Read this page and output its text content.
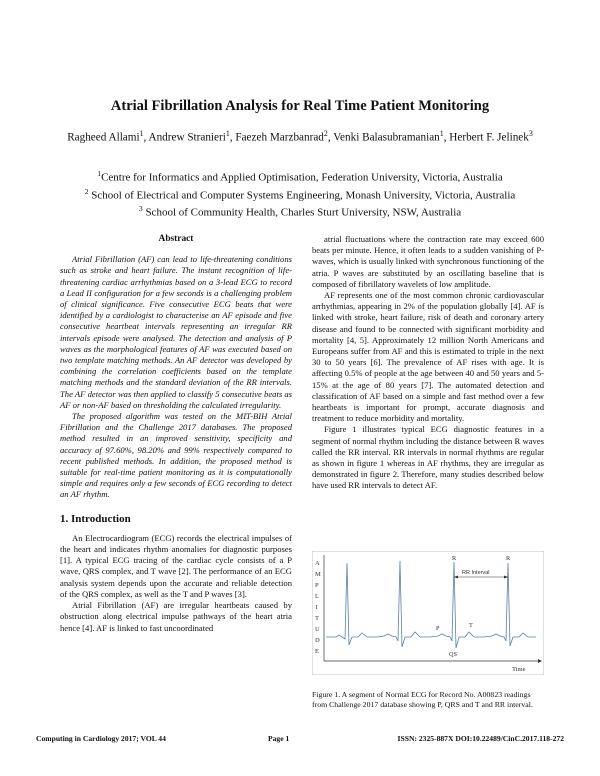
Atrial Fibrillation Analysis for Real Time Patient Monitoring
Ragheed Allami$^1$, Andrew Stranieri$^1$, Faezeh Marzbanrad$^2$, Venki Balasubramanian$^1$, Herbert F. Jelinek$^3$
$^1$Centre for Informatics and Applied Optimisation, Federation University, Victoria, Australia
$^2$ School of Electrical and Computer Systems Engineering, Monash University, Victoria, Australia
$^3$ School of Community Health, Charles Sturt University, NSW, Australia
Abstract

Atrial Fibrillation (AF) can lead to life-threatening conditions such as stroke and heart failure. The instant recognition of life-threatening cardiac arrhythmias based on a 3-lead ECG to record a Lead II configuration for a few seconds is a challenging problem of clinical significance. Five consecutive ECG beats that were identified by a cardiologist to characterise an AF episode and five consecutive heartbeat intervals representing an irregular RR intervals episode were analysed. The detection and analysis of P waves as the morphological features of AF was executed based on two template matching methods. An AF detector was developed by combining the correlation coefficients based on the template matching methods and the standard deviation of the RR intervals. The AF detector was then applied to classify 5 consecutive beats as AF or non-AF based on thresholding the calculated irregularity.

The proposed algorithm was tested on the MIT-BIH Atrial Fibrillation and the Challenge 2017 databases. The proposed method resulted in an improved sensitivity, specificity and accuracy of 97.60%, 98.20% and 99% respectively compared to recent published methods. In addition, the proposed method is suitable for real-time patient monitoring as it is computationally simple and requires only a few seconds of ECG recording to detect an AF rhythm.

1. Introduction

An Electrocardiogram (ECG) records the electrical impulses of the heart and indicates rhythm anomalies for diagnostic purposes [1]. A typical ECG tracing of the cardiac cycle consists of a P wave, QRS complex, and T wave [2]. The performance of an ECG analysis system depends upon the accurate and reliable detection of the QRS complex, as well as the T and P waves [3].

Atrial Fibrillation (AF) are irregular heartbeats caused by obstruction along electrical impulse pathways of the heart atria hence [4]. AF is linked to fast uncoordinated

atrial fluctuations where the contraction rate may exceed 600 beats per minute. Hence, it often leads to a sudden vanishing of P-waves, which is usually linked with synchronous functioning of the atria. P waves are substituted by an oscillating baseline that is composed of fibrillatory wavelets of low amplitude.

AF represents one of the most common chronic cardiovascular arrhythmias, appearing in 2% of the population globally [4]. AF is linked with stroke, heart failure, risk of death and coronary artery disease and found to be connected with significant morbidity and mortality [4, 5]. Approximately 12 million North Americans and Europeans suffer from AF and this is estimated to triple in the next 30 to 50 years [6]. The prevalence of AF rises with age. It is affecting 0.5% of people at the age between 40 and 50 years and 5-15% at the age of 80 years [7]. The automated detection and classification of AF based on a simple and fast method over a few heartbeats is important for prompt, accurate diagnosis and treatment to reduce morbidity and mortality.

Figure 1 illustrates typical ECG diagnostic features in a segment of normal rhythm including the distance between R waves called the RR interval. RR intervals in normal rhythms are regular as shown in figure 1 whereas in AF rhythms, they are irregular as demonstrated in figure 2. Therefore, many studies described below have used RR intervals to detect AF.

A
M
P
L
I
T
U
D
E
Time
RR Interval
R	R
P	T
QS
Figure 1. A segment of Normal ECG for Record No. A00823 readings from Challenge 2017 database showing P, QRS and T and RR interval.
Computing in Cardiology 2017; VOL 44	Page 1	ISSN: 2325-887X DOI:10.22489/CinC.2017.118-272
